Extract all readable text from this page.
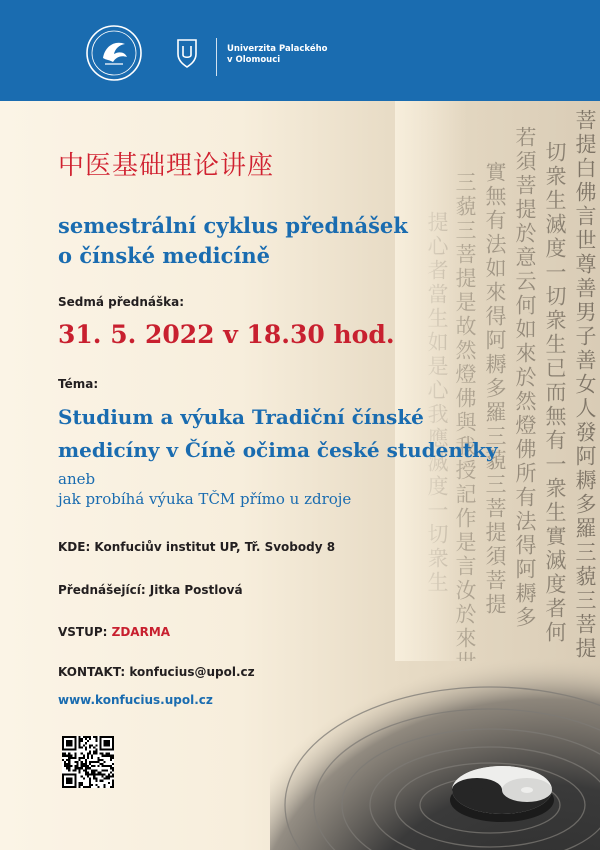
Univerzita Palackého
v Olomouci
中医基础理论讲座
semestrální cyklus přednášek
o čínské medicíně
Sedmá přednáška:
31. 5. 2022 v 18.30 hod.
Téma:
Studium a výuka Tradiční čínské
medicíny v Číně očima české studentky
aneb
jak probíhá výuka TČM přímo u zdroje
KDE: Konfuciův institut UP, Tř. Svobody 8
Přednášející: Jitka Postlová
VSTUP: ZDARMA
KONTAKT: konfucius@upol.cz
www.konfucius.upol.cz
